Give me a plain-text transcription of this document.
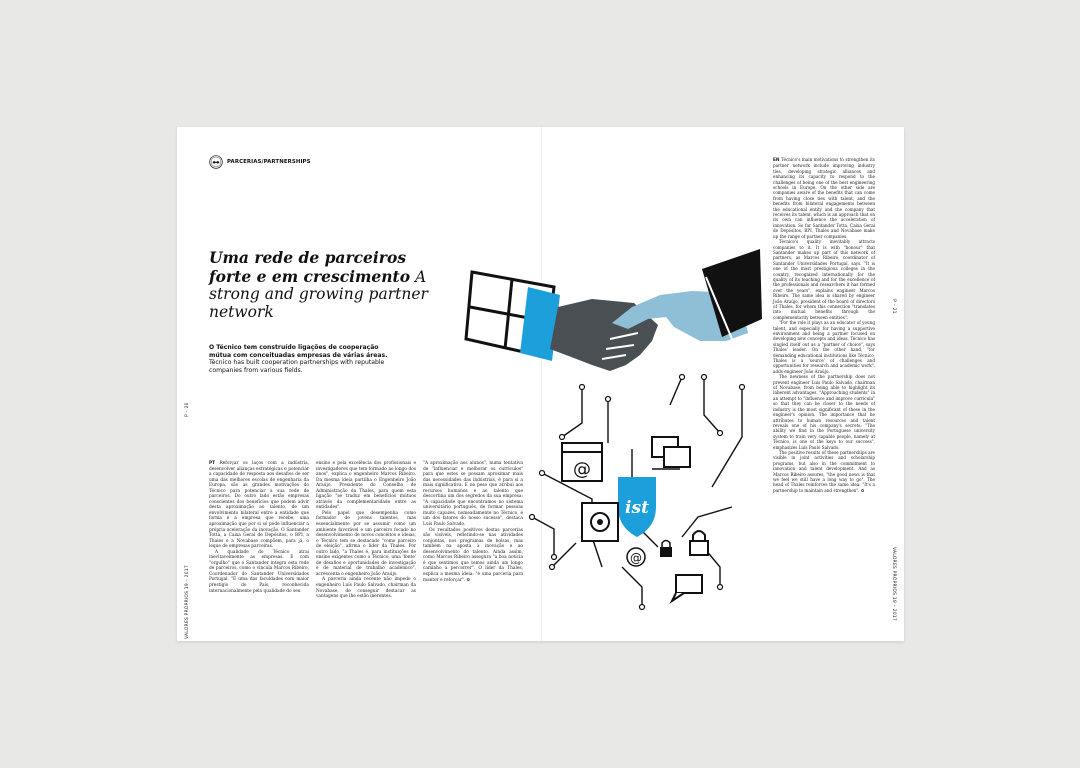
P – 20
VALORES PRÓPRIOS 19 – 2017
P – 21
VALORES PRÓPRIOS 19 – 2017
PARCERIAS/PARTNERSHIPS
Uma rede de parceiros forte e em crescimento A strong and growing partner network
O Técnico tem construído ligações de cooperação mútua com conceituadas empresas de várias áreas.
Técnico has built cooperation partnerships with reputable companies from various fields.
@
ist
@

PT Reforçar os laços com a indústria, desenvolver alianças estratégicas e potenciar a capacidade de resposta aos desafios de ser uma das melhores escolas de engenharia da Europa, são as grandes motivações do Técnico para potenciar a sua rede de parceiros. Do outro lado estão empresas conscientes dos benefícios que podem advir desta aproximação ao talento, de um envolvimento bilateral entre a entidade que forma e a empresa que recebe, uma aproximação que por si só pode influenciar a própria aceleração da inovação. O Santander Totta, a Caixa Geral de Depósitos, o BPI, a Thales e a Novabase compõem, para já, o leque de empresas parceiras.

A qualidade do Técnico atrai inevitavelmente as empresas. É com "orgulho" que o Santander integra esta rede de parceiros, como o vincula Marcos Ribeiro, Coordenador do Santander Universidades Portugal. "É uma das faculdades com maior prestígio do País, reconhecida internacionalmente pela qualidade do seu

ensino e pela excelência dos profissionais e investigadores que tem formado ao longo dos anos", explica o engenheiro Marcos Ribeiro. Da mesma ideia partilha o Engenheiro João Araújo, Presidente do Conselho de Administração da Thales, para quem esta ligação "se traduz em benefícios mútuos através da complementaridade entre as entidades".

Pelo papel que desempenha como formador de jovens talentos, mas essencialmente por se assumir como um ambiente favorável e um parceiro focado no desenvolvimento de novos conceitos e ideias, o Técnico tem se destacado "como parceiro de eleição", afirma o líder da Thales. Por outro lado, "a Thales é, para instituições de ensino exigentes como o Técnico, uma 'fonte' de desafios e oportunidades de investigação e de material de trabalho académico", acrescenta o engenheiro João Araújo.

A parceria ainda recente não impede o engenheiro Luís Paulo Salvado, chairman da Novabase, de conseguir destacar as vantagens que lhe estão inerentes.

"A aproximação aos alunos", numa tentativa de "influenciar e melhorar os currículos" para que estes se possam aproximar mais das necessidades das indústrias, é para si a mais significativa. E no peso que atribui aos recursos humanos e ao talento que descortina um dos segredos da sua empresa: "A capacidade que encontramos no sistema universitário português, de formar pessoas muito capazes, nomeadamente no Técnico, é um dos fatores do nosso sucesso", destaca Luís Paulo Salvado.

Os resultados positivos destas parcerias são visíveis, refletindo-se nas atividades conjuntas, nos programas de bolsas, mas também na aposta à inovação e ao desenvolvimento do talento. Ainda assim, como Marcos Ribeiro assegura "a boa notícia é que sentimos que temos ainda um longo caminho a percorrer". O líder da Thales, explica a mesma ideia: "é uma parceria para manter e reforçar". ❂

EN Técnico's main motivations to strengthen its partner network include improving industry ties, developing strategic alliances and enhancing its capacity to respond to the challenges of being one of the best engineering schools in Europe. On the other side are companies aware of the benefits that can come from having close ties with talent, and the benefits from bilateral engagements between the educational entity and the company that receives its talent, which is an approach that on its own can influence the acceleration of innovation. So far Santander Totta, Caixa Geral de Depósitos, BPI, Thales and Novabase make up the range of partner companies.

Técnico's quality inevitably attracts companies to it. It is with "honour" that Santander makes up part of this network of partners, as Marcos Ribeiro, coordinator of Santander Universidades Portugal, says. "It is one of the most prestigious colleges in the country, recognized internationally for the quality of its teaching and for the excellence of the professionals and researchers it has formed over the years", explains engineer Marcos Ribeiro. The same idea is shared by engineer João Araújo, president of the board of directors of Thales, for whom this connection "translates into mutual benefits through the complementarity between entities".

"For the role it plays as an educator of young talent, and especially for having a supportive environment and being a partner focused on developing new concepts and ideas, Técnico has singled itself out as a "partner of choice", says Thales' leader. On the other hand, "for demanding educational institutions like Técnico, Thales is a 'source' of challenges and opportunities for research and academic work", adds engineer João Araújo.

The newness of the partnership does not prevent engineer Luís Paulo Salvado, chairman of Novabase, from being able to highlight its inherent advantages. "Approaching students" in an attempt to "influence and improve curricula" so that they can be closer to the needs of industry is the most significant of these in the engineer's opinion. The importance that he attributes to human resources and talent reveals one of his company's secrets: "The ability we find in the Portuguese university system to train very capable people, namely at Técnico, is one of the keys to our success", emphasizes Luís Paulo Salvado.

The positive results of these partnerships are visible in joint activities and scholarship programs, but also in the commitment to innovation and talent development. And as Marcos Ribeiro assures, "the good news is that we feel we still have a long way to go". The head of Thales reinforces the same idea: "It's a partnership to maintain and strengthen". ❂
